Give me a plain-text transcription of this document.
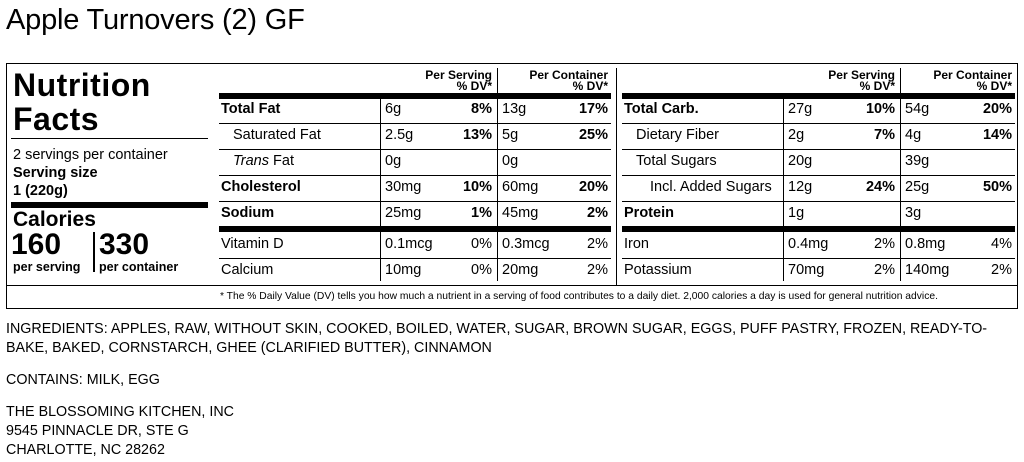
Apple Turnovers (2) GF
Nutrition
Facts
2 servings per container
Serving size
1 (220g)
Calories
160
per serving
330
per container
Per Serving
% DV*
Per Container
% DV*
Total Fat	6g	8% 13g	17%
Saturated Fat	2.5g	13% 5g	25%
Trans Fat	0g	0g
Cholesterol	30mg	10% 60mg	20%
Sodium	25mg	1% 45mg	2%
Vitamin D	0.1mcg	0% 0.3mcg	2%
Calcium	10mg	0% 20mg	2%
Per Serving
% DV*
Per Container
% DV*
Total Carb.	27g	10% 54g	20%
Dietary Fiber	2g	7% 4g	14%
Total Sugars	20g	39g
Incl. Added Sugars 12g	24% 25g	50%
Protein	1g	3g
Iron	0.4mg	2% 0.8mg	4%
Potassium	70mg	2% 140mg	2%
* The % Daily Value (DV) tells you how much a nutrient in a serving of food contributes to a daily diet. 2,000 calories a day is used for general nutrition advice.
INGREDIENTS: APPLES, RAW, WITHOUT SKIN, COOKED, BOILED, WATER, SUGAR, BROWN SUGAR, EGGS, PUFF PASTRY, FROZEN, READY-TO-BAKE, BAKED, CORNSTARCH, GHEE (CLARIFIED BUTTER), CINNAMON
CONTAINS: MILK, EGG
THE BLOSSOMING KITCHEN, INC
9545 PINNACLE DR, STE G
CHARLOTTE, NC 28262
